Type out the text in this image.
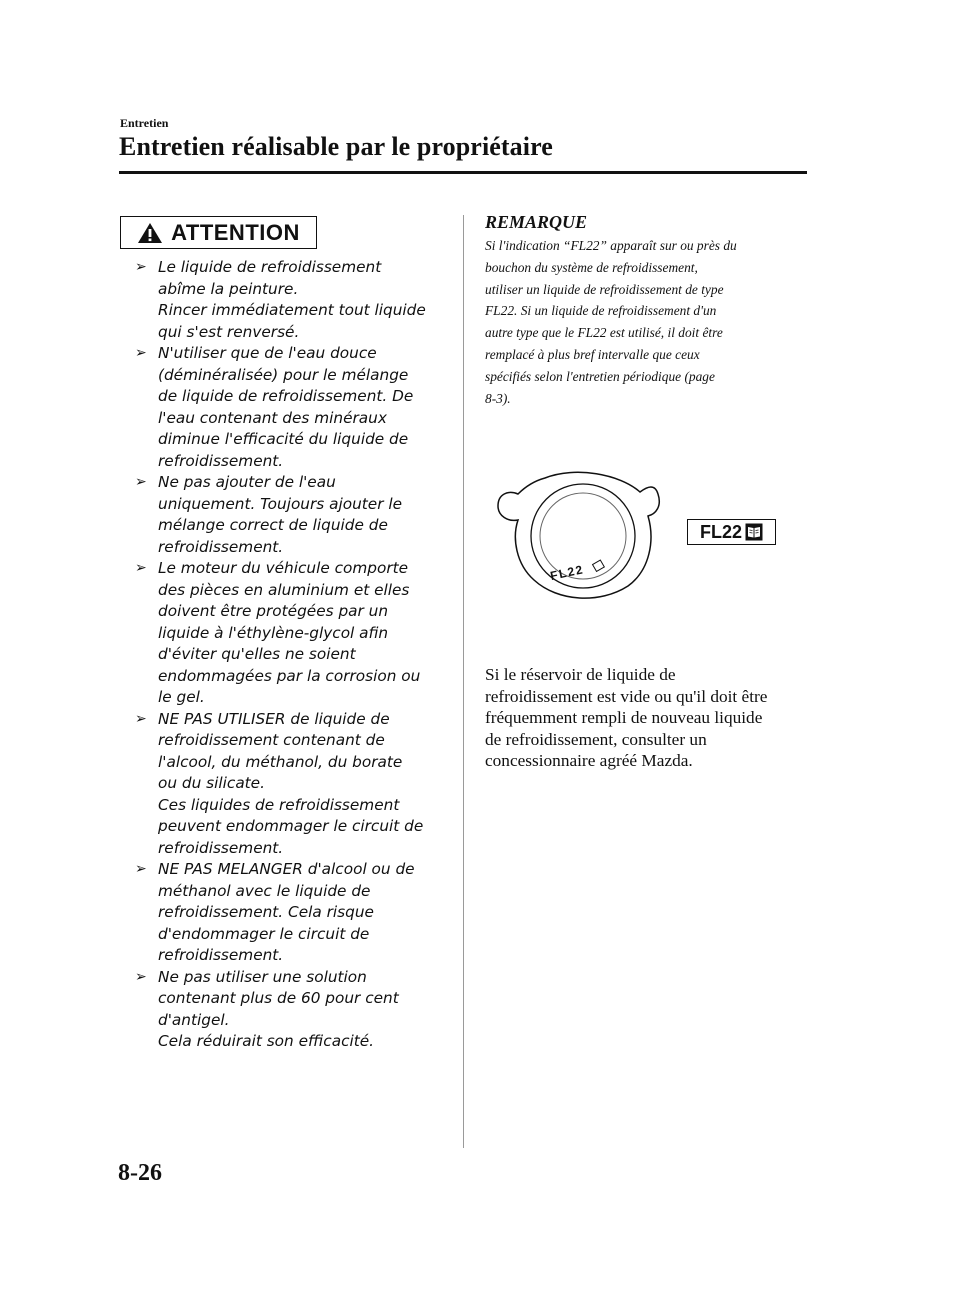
Entretien
Entretien réalisable par le propriétaire
ATTENTION
➢ Le liquide de refroidissement
abîme la peinture.
Rincer immédiatement tout liquide
qui s'est renversé.
➢ N'utiliser que de l'eau douce
(déminéralisée) pour le mélange
de liquide de refroidissement. De
l'eau contenant des minéraux
diminue l'efficacité du liquide de
refroidissement.
➢ Ne pas ajouter de l'eau
uniquement. Toujours ajouter le
mélange correct de liquide de
refroidissement.
➢ Le moteur du véhicule comporte
des pièces en aluminium et elles
doivent être protégées par un
liquide à l'éthylène-glycol afin
d'éviter qu'elles ne soient
endommagées par la corrosion ou
le gel.
➢ NE PAS UTILISER de liquide de
refroidissement contenant de
l'alcool, du méthanol, du borate
ou du silicate.
Ces liquides de refroidissement
peuvent endommager le circuit de
refroidissement.
➢ NE PAS MELANGER d'alcool ou de
méthanol avec le liquide de
refroidissement. Cela risque
d'endommager le circuit de
refroidissement.
➢ Ne pas utiliser une solution
contenant plus de 60 pour cent
d'antigel.
Cela réduirait son efficacité.
REMARQUE
Si l'indication “FL22” apparaît sur ou près du
bouchon du système de refroidissement,
utiliser un liquide de refroidissement de type
FL22. Si un liquide de refroidissement d'un
autre type que le FL22 est utilisé, il doit être
remplacé à plus bref intervalle que ceux
spécifiés selon l'entretien périodique (page
8-3).
FL22
FL22
Si le réservoir de liquide de
refroidissement est vide ou qu'il doit être
fréquemment rempli de nouveau liquide
de refroidissement, consulter un
concessionnaire agréé Mazda.
8-26
